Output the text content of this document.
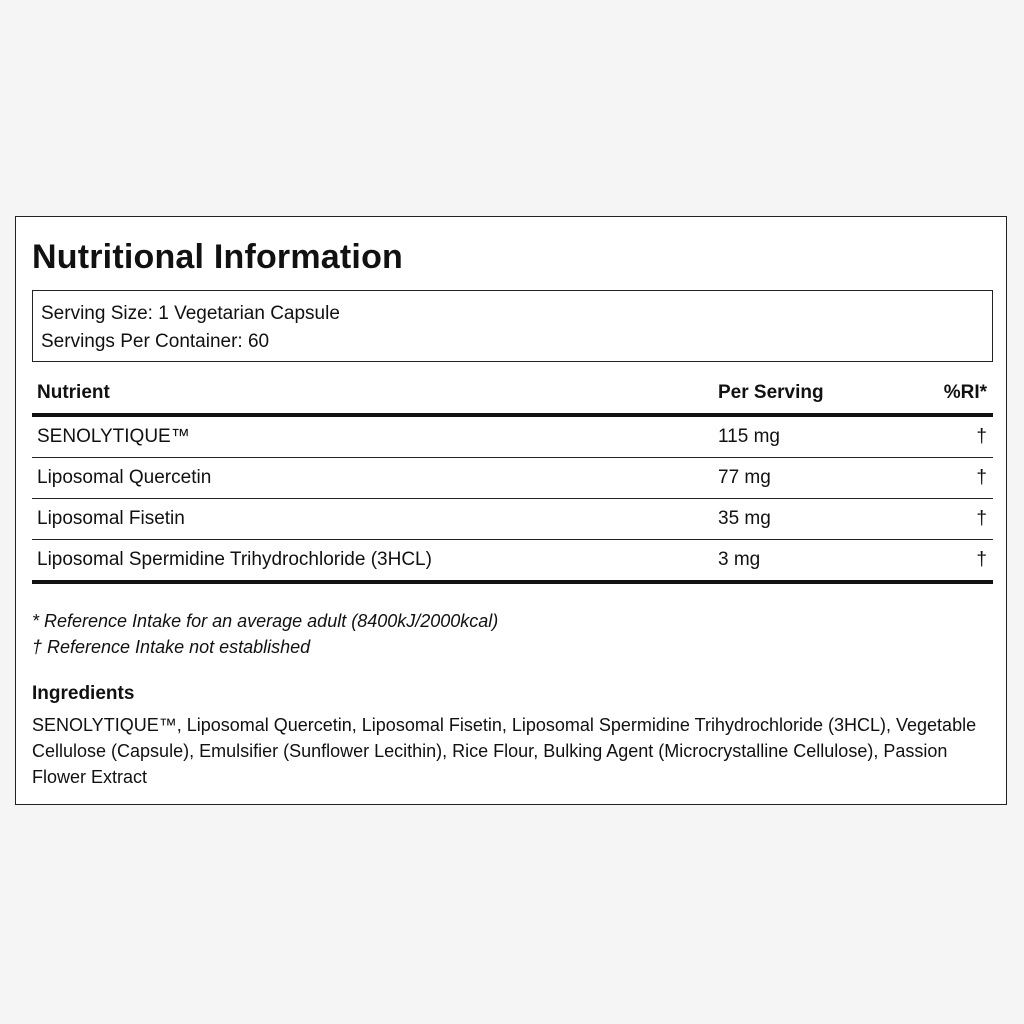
Nutritional Information
Serving Size: 1 Vegetarian Capsule
Servings Per Container: 60
Nutrient	Per Serving	%RI*
SENOLYTIQUE™	115 mg	†
Liposomal Quercetin	77 mg	†
Liposomal Fisetin	35 mg	†
Liposomal Spermidine Trihydrochloride (3HCL)	3 mg	†
* Reference Intake for an average adult (8400kJ/2000kcal)
† Reference Intake not established
Ingredients

SENOLYTIQUE™, Liposomal Quercetin, Liposomal Fisetin, Liposomal Spermidine Trihydrochloride (3HCL), Vegetable Cellulose (Capsule), Emulsifier (Sunflower Lecithin), Rice Flour, Bulking Agent (Microcrystalline Cellulose), Passion Flower Extract
